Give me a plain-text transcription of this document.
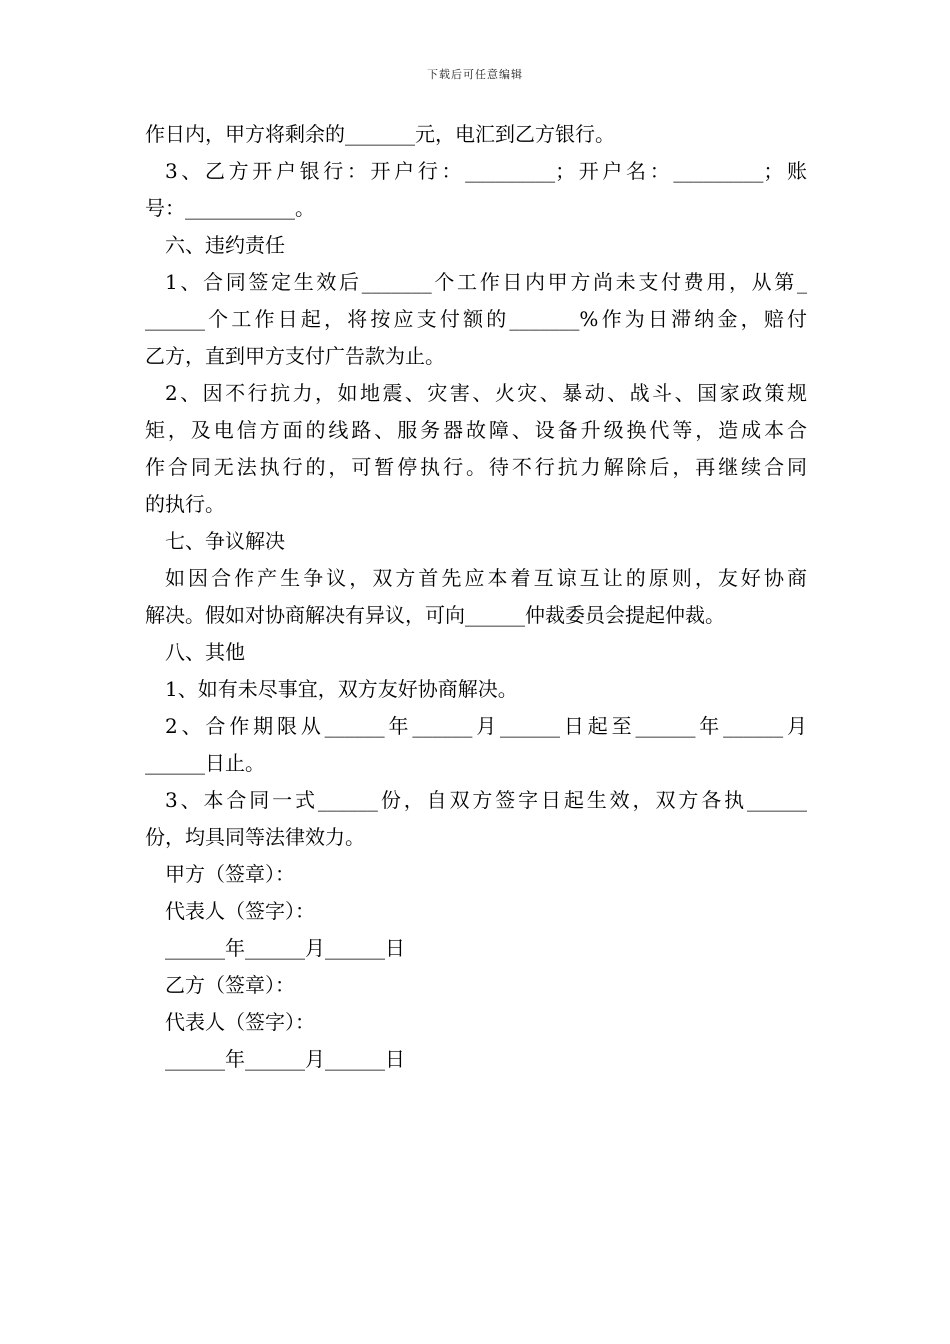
下载后可任意编辑
作日内，甲方将剩余的_______元，电汇到乙方银行。
3、乙方开户银行：开户行：_________；开户名：_________；账
号：___________。
六、违约责任
1、合同签定生效后_______个工作日内甲方尚未支付费用，从第_
______个工作日起，将按应支付额的_______%作为日滞纳金，赔付
乙方，直到甲方支付广告款为止。
2、因不行抗力，如地震、灾害、火灾、暴动、战斗、国家政策规
矩，及电信方面的线路、服务器故障、设备升级换代等，造成本合
作合同无法执行的，可暂停执行。待不行抗力解除后，再继续合同
的执行。
七、争议解决
如因合作产生争议，双方首先应本着互谅互让的原则，友好协商
解决。假如对协商解决有异议，可向______仲裁委员会提起仲裁。
八、其他
1、如有未尽事宜，双方友好协商解决。
2、合作期限从______年______月______日起至______年______月
______日止。
3、本合同一式______份，自双方签字日起生效，双方各执______
份，均具同等法律效力。
甲方（签章）：
代表人（签字）：
______年______月______日
乙方（签章）：
代表人（签字）：
______年______月______日
